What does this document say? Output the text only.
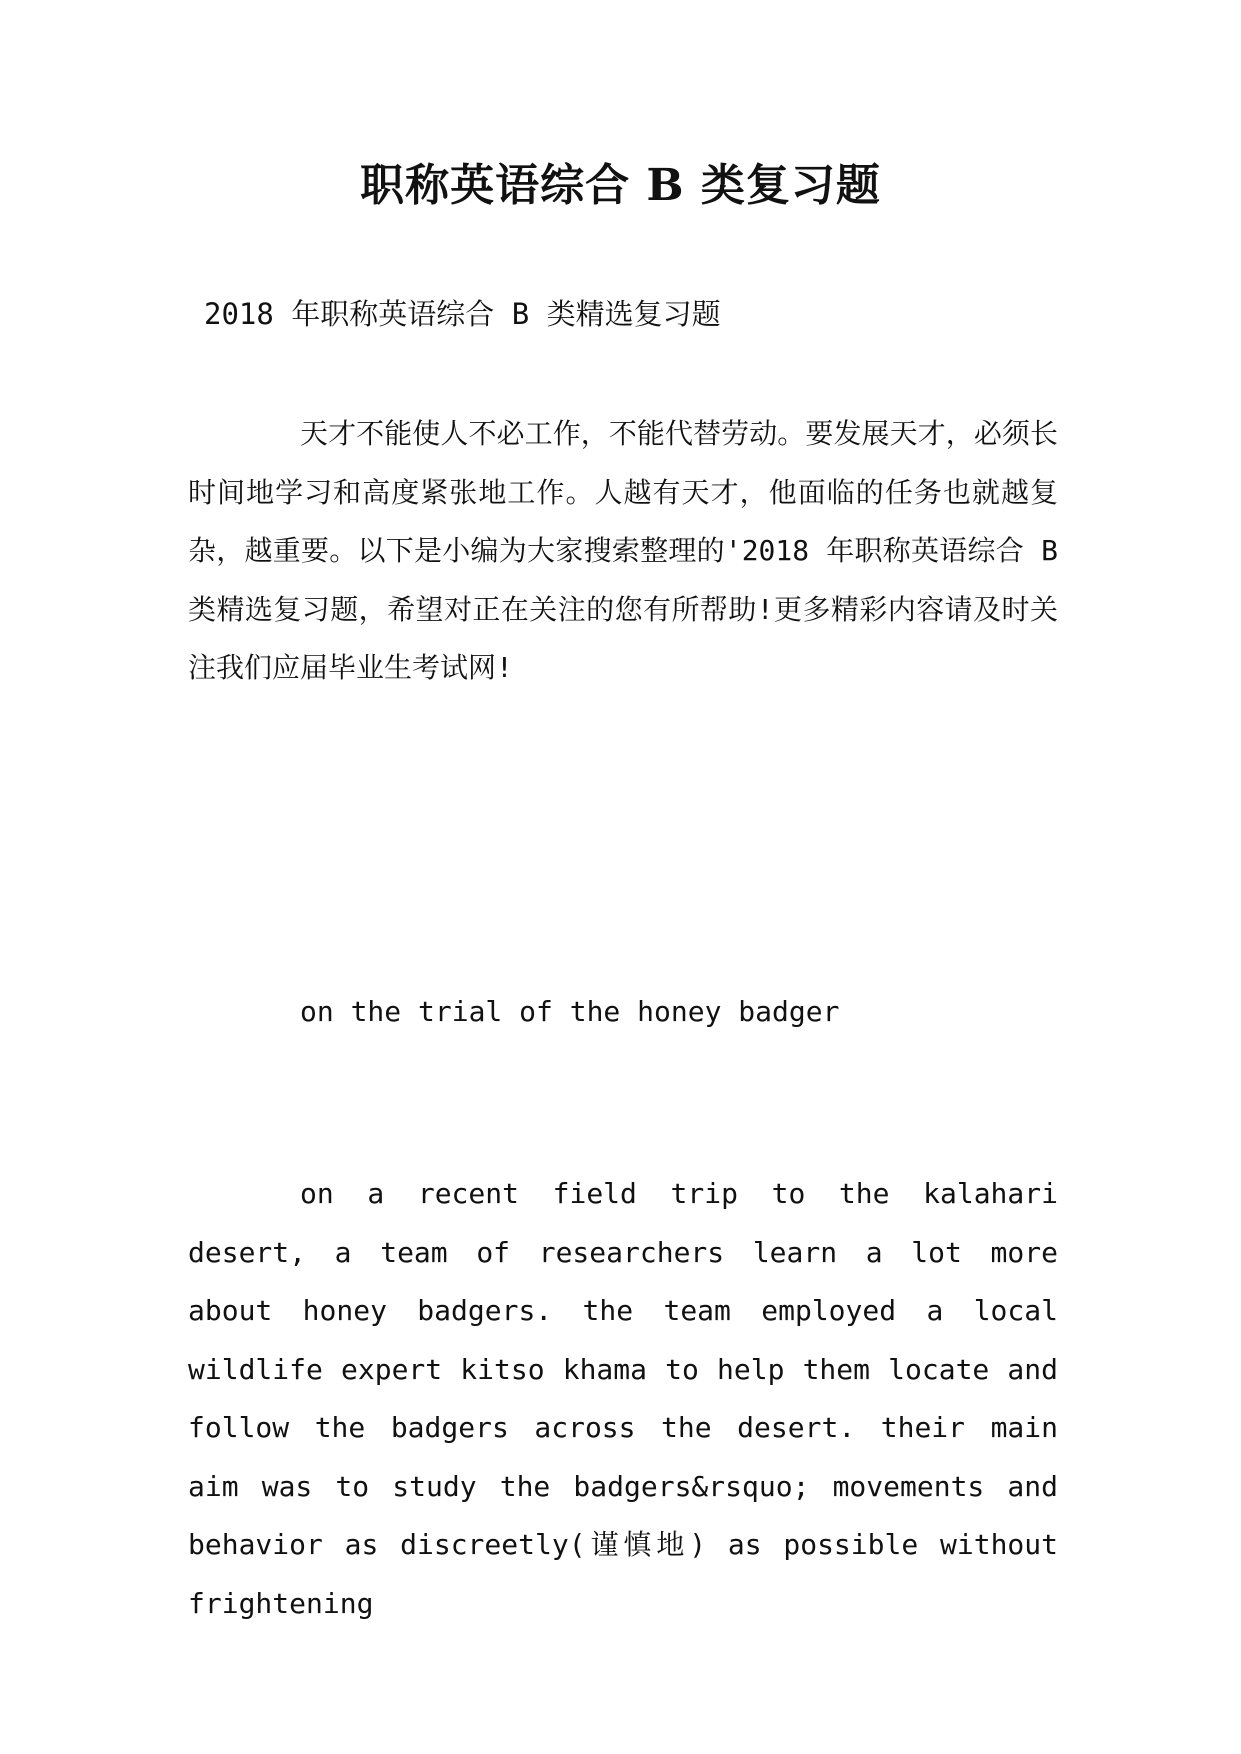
职称英语综合 B 类复习题

2018 年职称英语综合 B 类精选复习题

天才不能使人不必工作，不能代替劳动。要发展天才，必须长时间地学习和高度紧张地工作。人越有天才，他面临的任务也就越复杂，越重要。以下是小编为大家搜索整理的'2018 年职称英语综合 B 类精选复习题，希望对正在关注的您有所帮助!更多精彩内容请及时关注我们应届毕业生考试网!

on the trial of the honey badger

on a recent field trip to the kalahari desert, a team of researchers learn a lot more about honey badgers. the team employed a local wildlife expert kitso khama to help them locate and follow the badgers across the desert. their main aim was to study the badgers&rsquo; movements and behavior as discreetly(谨慎地) as possible without frightening
